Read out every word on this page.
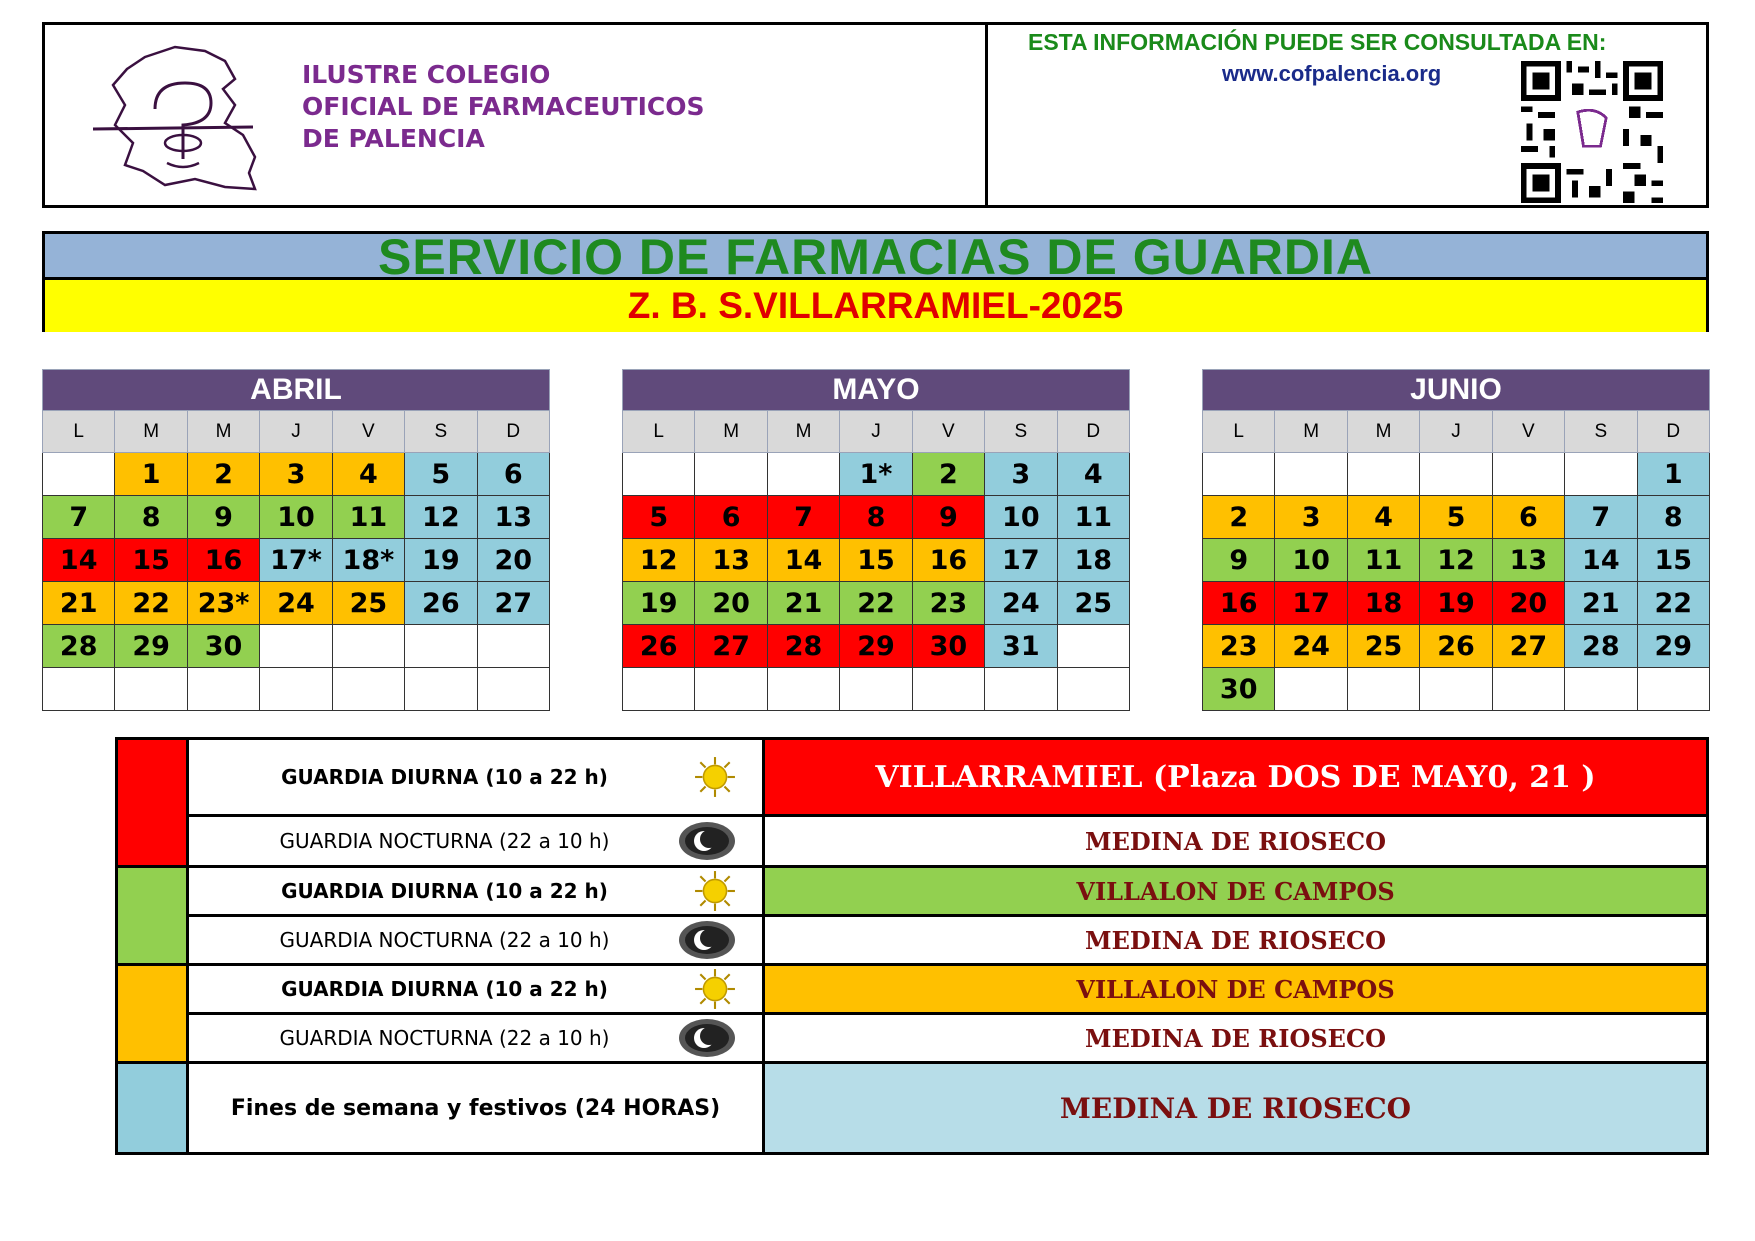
ILUSTRE COLEGIO
OFICIAL DE FARMACEUTICOS
DE PALENCIA
ESTA INFORMACIÓN PUEDE SER CONSULTADA EN:
www.cofpalencia.org
SERVICIO DE FARMACIAS DE GUARDIA
Z. B. S.VILLARRAMIEL-2025
ABRIL						
L	M	M	J	V	S	D
	1	2	3	4	5	6
7	8	9	10	11	12	13
14	15	16	17*	18*	19	20
21	22	23*	24	25	26	27
28	29	30				

MAYO						
L	M	M	J	V	S	D
			1*	2	3	4
5	6	7	8	9	10	11
12	13	14	15	16	17	18
19	20	21	22	23	24	25
26	27	28	29	30	31	

JUNIO						
L	M	M	J	V	S	D
						1
2	3	4	5	6	7	8
9	10	11	12	13	14	15
16	17	18	19	20	21	22
23	24	25	26	27	28	29
30						
	GUARDIA DIURNA (10 a 22 h)	VILLARRAMIEL (Plaza DOS DE MAY0, 21 )
	GUARDIA NOCTURNA (22 a 10 h)	MEDINA DE RIOSECO
	GUARDIA DIURNA (10 a 22 h)	VILLALON DE CAMPOS
	GUARDIA NOCTURNA (22 a 10 h)	MEDINA DE RIOSECO
	GUARDIA DIURNA (10 a 22 h)	VILLALON DE CAMPOS
	GUARDIA NOCTURNA (22 a 10 h)	MEDINA DE RIOSECO
	Fines de semana y festivos (24 HORAS)	MEDINA DE RIOSECO
